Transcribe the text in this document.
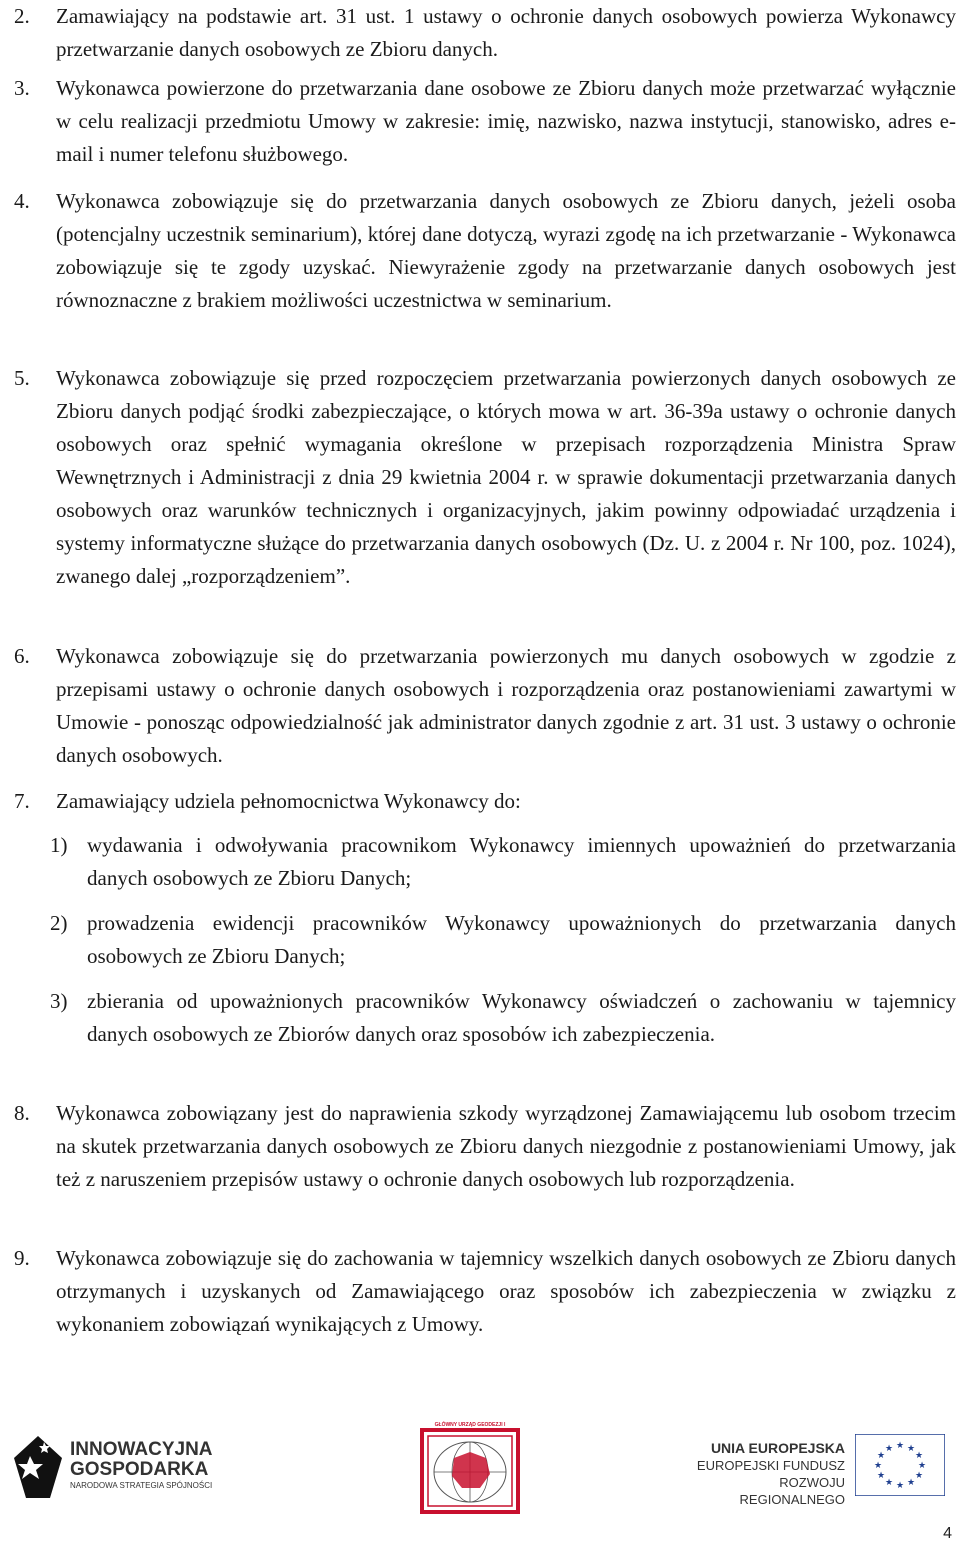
2.	Zamawiający na podstawie art. 31 ust. 1 ustawy o ochronie danych osobowych powierza Wykonawcy przetwarzanie danych osobowych ze Zbioru danych.
3.	Wykonawca powierzone do przetwarzania dane osobowe ze Zbioru danych może przetwarzać wyłącznie w celu realizacji przedmiotu Umowy w zakresie: imię, nazwisko, nazwa instytucji, stanowisko, adres e-mail i numer telefonu służbowego.
4.	Wykonawca zobowiązuje się do przetwarzania danych osobowych ze Zbioru danych, jeżeli osoba (potencjalny uczestnik seminarium), której dane dotyczą, wyrazi zgodę na ich przetwarzanie - Wykonawca zobowiązuje się te zgody uzyskać. Niewyrażenie zgody na przetwarzanie danych osobowych jest równoznaczne z brakiem możliwości uczestnictwa w seminarium.
5.	Wykonawca zobowiązuje się przed rozpoczęciem przetwarzania powierzonych danych osobowych ze Zbioru danych podjąć środki zabezpieczające, o których mowa w art. 36-39a ustawy o ochronie danych osobowych oraz spełnić wymagania określone w przepisach rozporządzenia Ministra Spraw Wewnętrznych i Administracji z dnia 29 kwietnia 2004 r. w sprawie dokumentacji przetwarzania danych osobowych oraz warunków technicznych i organizacyjnych, jakim powinny odpowiadać urządzenia i systemy informatyczne służące do przetwarzania danych osobowych (Dz. U. z 2004 r. Nr 100, poz. 1024), zwanego dalej „rozporządzeniem”.
6.	Wykonawca zobowiązuje się do przetwarzania powierzonych mu danych osobowych w zgodzie z przepisami ustawy o ochronie danych osobowych i rozporządzenia oraz postanowieniami zawartymi w Umowie - ponosząc odpowiedzialność jak administrator danych zgodnie z art. 31 ust. 3 ustawy o ochronie danych osobowych.
7.	Zamawiający udziela pełnomocnictwa Wykonawcy do:
1) wydawania i odwoływania pracownikom Wykonawcy imiennych upoważnień do przetwarzania danych osobowych ze Zbioru Danych;
2) prowadzenia ewidencji pracowników Wykonawcy upoważnionych do przetwarzania danych osobowych ze Zbioru Danych;
3) zbierania od upoważnionych pracowników Wykonawcy oświadczeń o zachowaniu w tajemnicy danych osobowych ze Zbiorów danych oraz sposobów ich zabezpieczenia.
8.	Wykonawca zobowiązany jest do naprawienia szkody wyrządzonej Zamawiającemu lub osobom trzecim na skutek przetwarzania danych osobowych ze Zbioru danych niezgodnie z postanowieniami Umowy, jak też z naruszeniem przepisów ustawy o ochronie danych osobowych lub rozporządzenia.
9.	Wykonawca zobowiązuje się do zachowania w tajemnicy wszelkich danych osobowych ze Zbioru danych otrzymanych i uzyskanych od Zamawiającego oraz sposobów ich zabezpieczenia w związku z wykonaniem zobowiązań wynikających z Umowy.
INNOWACYJNA
GOSPODARKA
NARODOWA STRATEGIA SPÓJNOŚCI
GŁÓWNY URZĄD GEODEZJI I KARTOGRAFII
UNIA EUROPEJSKA
EUROPEJSKI FUNDUSZ
ROZWOJU REGIONALNEGO
★ ★
★
★
★
★
★
★
★
★
★
★
4
